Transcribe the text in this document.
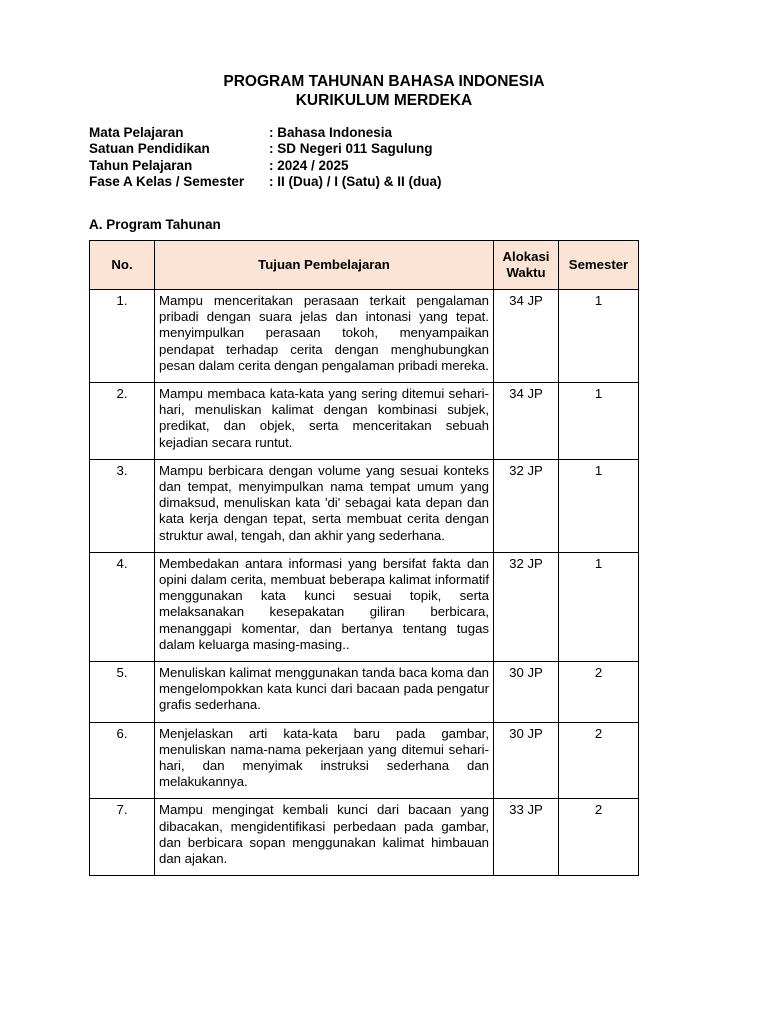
PROGRAM TAHUNAN BAHASA INDONESIA
KURIKULUM MERDEKA
Mata Pelajaran	: Bahasa Indonesia
Satuan Pendidikan	: SD Negeri 011 Sagulung
Tahun Pelajaran	: 2024 / 2025
Fase A Kelas / Semester	: II (Dua) / I (Satu) & II (dua)
A. Program Tahunan
No.	Tujuan Pembelajaran	Alokasi Waktu	Semester
1.	Mampu menceritakan perasaan terkait pengalaman pribadi dengan suara jelas dan intonasi yang tepat. menyimpulkan perasaan tokoh, menyampaikan pendapat terhadap cerita dengan menghubungkan pesan dalam cerita dengan pengalaman pribadi mereka.	34 JP	1
2.	Mampu membaca kata-kata yang sering ditemui sehari-hari, menuliskan kalimat dengan kombinasi subjek, predikat, dan objek, serta menceritakan sebuah kejadian secara runtut.	34 JP	1
3.	Mampu berbicara dengan volume yang sesuai konteks dan tempat, menyimpulkan nama tempat umum yang dimaksud, menuliskan kata 'di' sebagai kata depan dan kata kerja dengan tepat, serta membuat cerita dengan struktur awal, tengah, dan akhir yang sederhana.	32 JP	1
4.	Membedakan antara informasi yang bersifat fakta dan opini dalam cerita, membuat beberapa kalimat informatif menggunakan kata kunci sesuai topik, serta melaksanakan kesepakatan giliran berbicara, menanggapi komentar, dan bertanya tentang tugas dalam keluarga masing-masing..	32 JP	1
5.	Menuliskan kalimat menggunakan tanda baca koma dan mengelompokkan kata kunci dari bacaan pada pengatur grafis sederhana.	30 JP	2
6.	Menjelaskan arti kata-kata baru pada gambar, menuliskan nama-nama pekerjaan yang ditemui sehari-hari, dan menyimak instruksi sederhana dan melakukannya.	30 JP	2
7.	Mampu mengingat kembali kunci dari bacaan yang dibacakan, mengidentifikasi perbedaan pada gambar, dan berbicara sopan menggunakan kalimat himbauan dan ajakan.	33 JP	2
